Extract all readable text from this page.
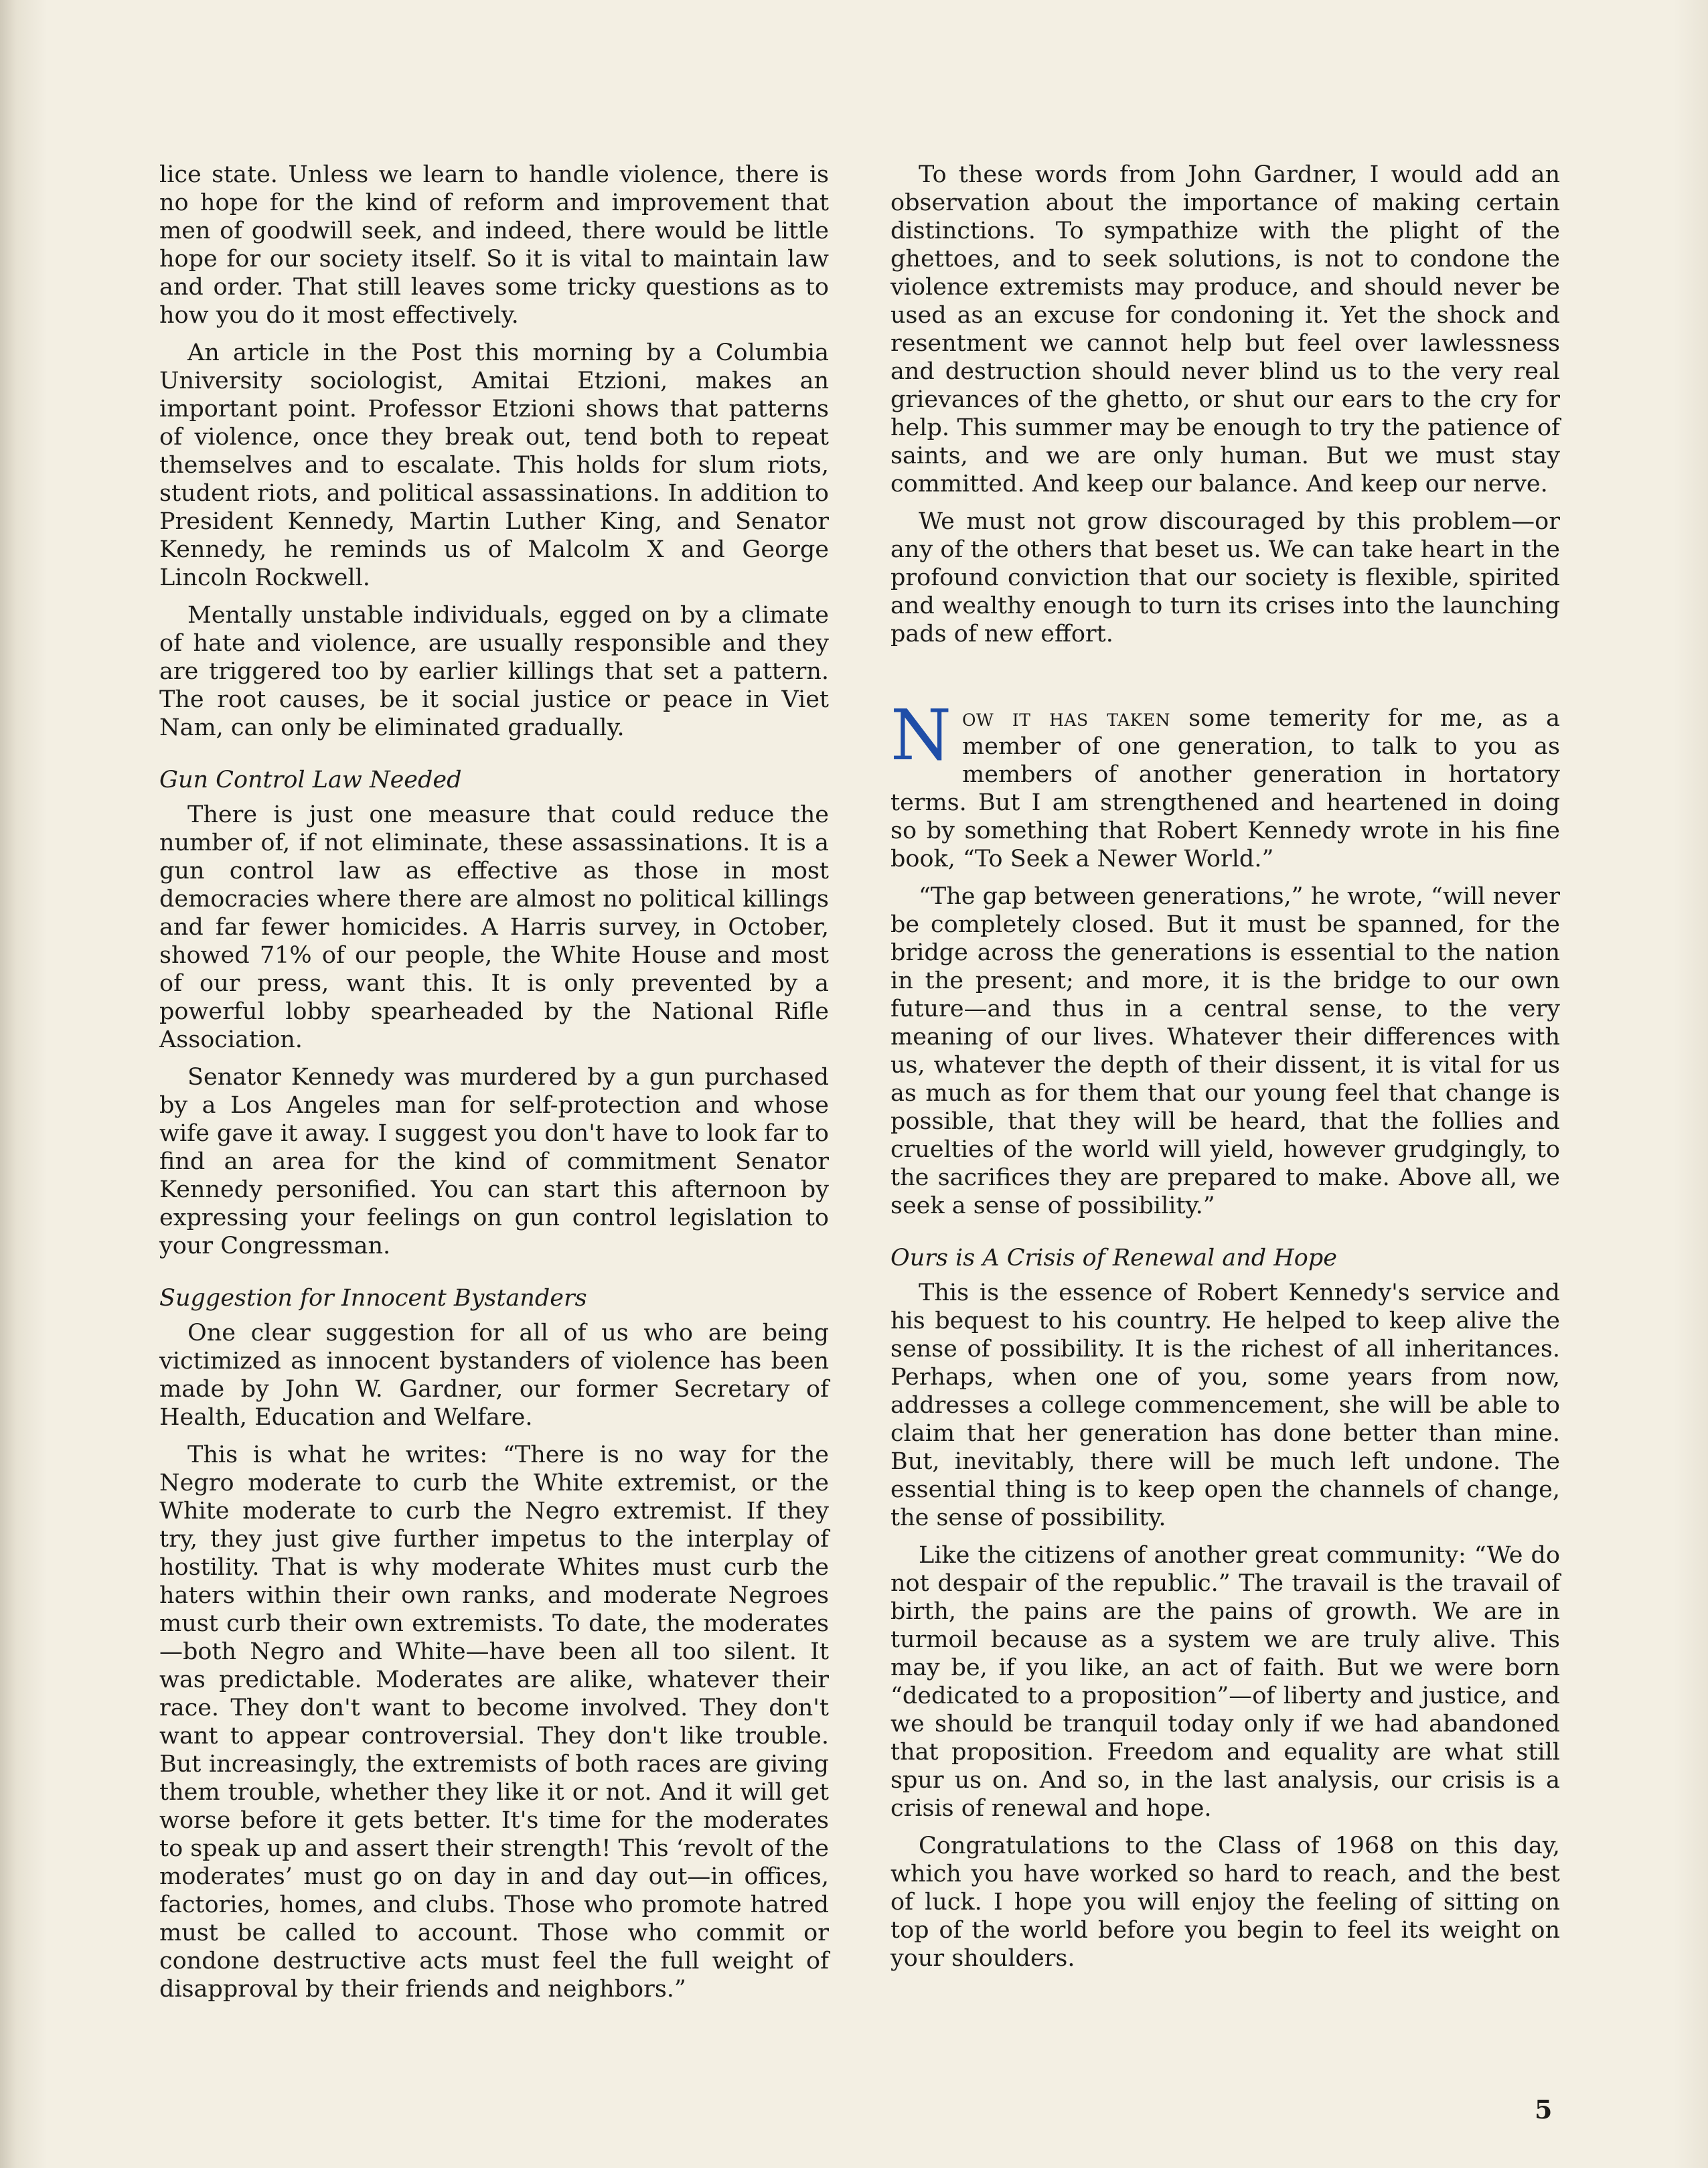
lice state. Unless we learn to handle violence, there is no hope for the kind of reform and improvement that men of goodwill seek, and indeed, there would be little hope for our society itself. So it is vital to maintain law and order. That still leaves some tricky questions as to how you do it most effectively.

An article in the Post this morning by a Columbia University sociologist, Amitai Etzioni, makes an important point. Professor Etzioni shows that patterns of violence, once they break out, tend both to repeat themselves and to escalate. This holds for slum riots, student riots, and political assassinations. In addition to President Kennedy, Martin Luther King, and Senator Kennedy, he reminds us of Malcolm X and George Lincoln Rockwell.

Mentally unstable individuals, egged on by a climate of hate and violence, are usually responsible and they are triggered too by earlier killings that set a pattern. The root causes, be it social justice or peace in Viet Nam, can only be eliminated gradually.

Gun Control Law Needed

There is just one measure that could reduce the number of, if not eliminate, these assassinations. It is a gun control law as effective as those in most democracies where there are almost no political killings and far fewer homicides. A Harris survey, in October, showed 71% of our people, the White House and most of our press, want this. It is only prevented by a powerful lobby spearheaded by the National Rifle Association.

Senator Kennedy was murdered by a gun purchased by a Los Angeles man for self-protection and whose wife gave it away. I suggest you don't have to look far to find an area for the kind of commitment Senator Kennedy personified. You can start this afternoon by expressing your feelings on gun control legislation to your Congressman.

Suggestion for Innocent Bystanders

One clear suggestion for all of us who are being victimized as innocent bystanders of violence has been made by John W. Gardner, our former Secretary of Health, Education and Welfare.

This is what he writes: “There is no way for the Negro moderate to curb the White extremist, or the White moderate to curb the Negro extremist. If they try, they just give further impetus to the interplay of hostility. That is why moderate Whites must curb the haters within their own ranks, and moderate Negroes must curb their own extremists. To date, the moderates—both Negro and White—have been all too silent. It was predictable. Moderates are alike, whatever their race. They don't want to become involved. They don't want to appear controversial. They don't like trouble. But increasingly, the extremists of both races are giving them trouble, whether they like it or not. And it will get worse before it gets better. It's time for the moderates to speak up and assert their strength! This ‘revolt of the moderates’ must go on day in and day out—in offices, factories, homes, and clubs. Those who promote hatred must be called to account. Those who commit or condone destructive acts must feel the full weight of disapproval by their friends and neighbors.”

To these words from John Gardner, I would add an observation about the importance of making certain distinctions. To sympathize with the plight of the ghettoes, and to seek solutions, is not to condone the violence extremists may produce, and should never be used as an excuse for condoning it. Yet the shock and resentment we cannot help but feel over lawlessness and destruction should never blind us to the very real grievances of the ghetto, or shut our ears to the cry for help. This summer may be enough to try the patience of saints, and we are only human. But we must stay committed. And keep our balance. And keep our nerve.

We must not grow discouraged by this problem—or any of the others that beset us. We can take heart in the profound conviction that our society is flexible, spirited and wealthy enough to turn its crises into the launching pads of new effort.

Now it has taken some temerity for me, as a member of one generation, to talk to you as members of another generation in hortatory terms. But I am strengthened and heartened in doing so by something that Robert Kennedy wrote in his fine book, “To Seek a Newer World.”

“The gap between generations,” he wrote, “will never be completely closed. But it must be spanned, for the bridge across the generations is essential to the nation in the present; and more, it is the bridge to our own future—and thus in a central sense, to the very meaning of our lives. Whatever their differences with us, whatever the depth of their dissent, it is vital for us as much as for them that our young feel that change is possible, that they will be heard, that the follies and cruelties of the world will yield, however grudgingly, to the sacrifices they are prepared to make. Above all, we seek a sense of possibility.”

Ours is A Crisis of Renewal and Hope

This is the essence of Robert Kennedy's service and his bequest to his country. He helped to keep alive the sense of possibility. It is the richest of all inheritances. Perhaps, when one of you, some years from now, addresses a college commencement, she will be able to claim that her generation has done better than mine. But, inevitably, there will be much left undone. The essential thing is to keep open the channels of change, the sense of possibility.

Like the citizens of another great community: “We do not despair of the republic.” The travail is the travail of birth, the pains are the pains of growth. We are in turmoil because as a system we are truly alive. This may be, if you like, an act of faith. But we were born “dedicated to a proposition”—of liberty and justice, and we should be tranquil today only if we had abandoned that proposition. Freedom and equality are what still spur us on. And so, in the last analysis, our crisis is a crisis of renewal and hope.

Congratulations to the Class of 1968 on this day, which you have worked so hard to reach, and the best of luck. I hope you will enjoy the feeling of sitting on top of the world before you begin to feel its weight on your shoulders.

5
